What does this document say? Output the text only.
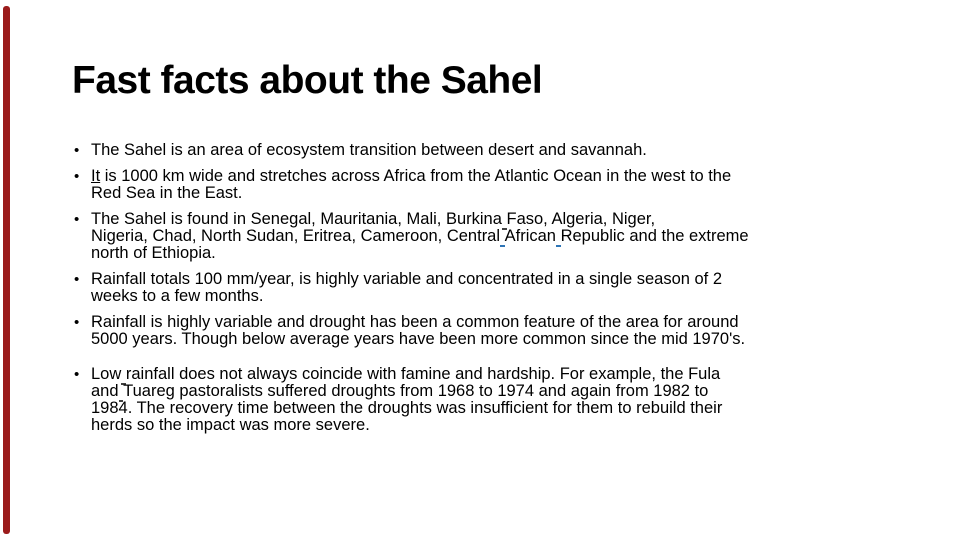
Fast facts about the Sahel
• The Sahel is an area of ecosystem transition between desert and savannah.
• It is 1000 km wide and stretches across Africa from the Atlantic Ocean in the west to the
Red Sea in the East.
• The Sahel is found in Senegal, Mauritania, Mali, Burkina Faso, Algeria, Niger,
Nigeria, Chad, North Sudan, Eritrea, Cameroon, Central African Republic and the extreme
north of Ethiopia.
• Rainfall totals 100 mm/year, is highly variable and concentrated in a single season of 2
weeks to a few months.
• Rainfall is highly variable and drought has been a common feature of the area for around
5000 years. Though below average years have been more common since the mid 1970's.
• Low rainfall does not always coincide with famine and hardship. For example, the Fula
and Tuareg pastoralists suffered droughts from 1968 to 1974 and again from 1982 to
1984. The recovery time between the droughts was insufficient for them to rebuild their
herds so the impact was more severe.
